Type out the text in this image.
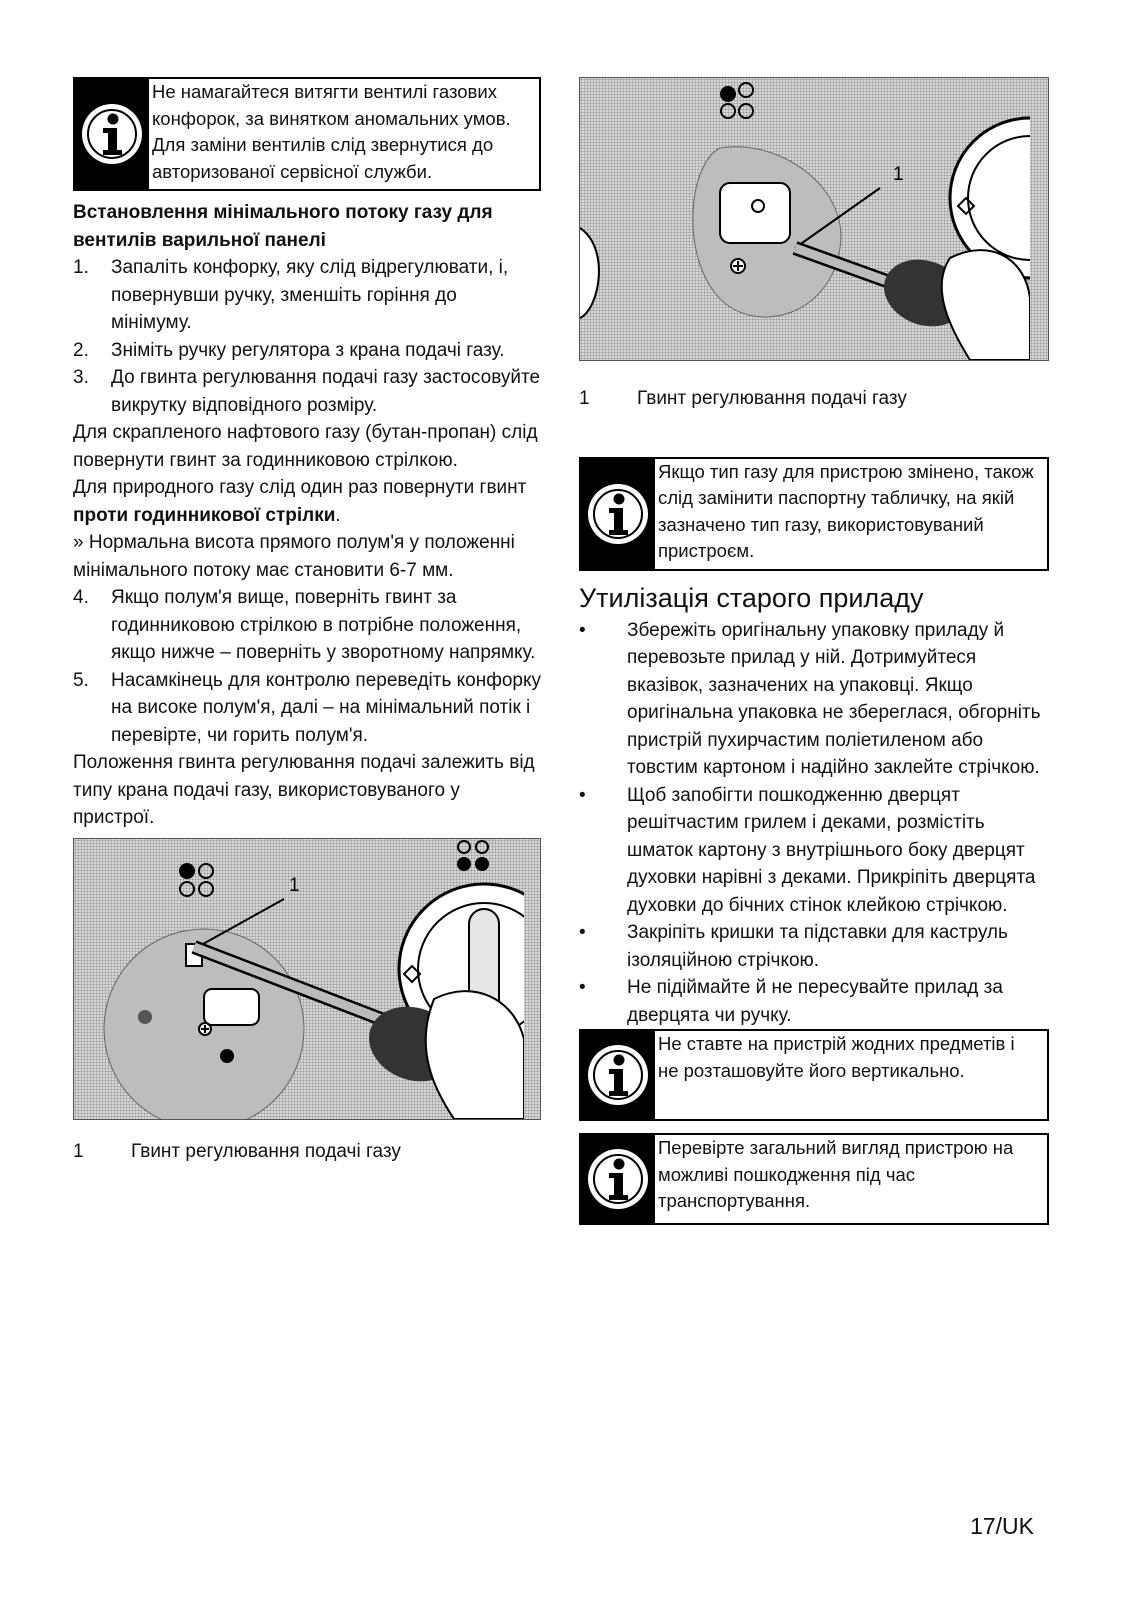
Не намагайтеся витягти вентилі газових конфорок, за винятком аномальних умов. Для заміни вентилів слід звернутися до авторизованої сервісної служби.
Встановлення мінімального потоку газу для вентилів варильної панелі
1. Запаліть конфорку, яку слід відрегулювати, і, повернувши ручку, зменшіть горіння до мінімуму.
2. Зніміть ручку регулятора з крана подачі газу.
3. До гвинта регулювання подачі газу застосовуйте викрутку відповідного розміру.

Для скрапленого нафтового газу (бутан-пропан) слід повернути гвинт за годинниковою стрілкою.

Для природного газу слід один раз повернути гвинт проти годинникової стрілки.

» Нормальна висота прямого полум'я у положенні мінімального потоку має становити 6-7 мм.

4. Якщо полум'я вище, поверніть гвинт за годинниковою стрілкою в потрібне положення, якщо нижче – поверніть у зворотному напрямку.
5. Насамкінець для контролю переведіть конфорку на високе полум'я, далі – на мінімальний потік і перевірте, чи горить полум'я.

Положення гвинта регулювання подачі залежить від типу крана подачі газу, використовуваного у пристрої.

1
1	Гвинт регулювання подачі газу
1
1	Гвинт регулювання подачі газу
Якщо тип газу для пристрою змінено, також слід замінити паспортну табличку, на якій зазначено тип газу, використовуваний пристроєм.
Утилізація старого приладу
• Збережіть оригінальну упаковку приладу й перевозьте прилад у ній. Дотримуйтеся вказівок, зазначених на упаковці. Якщо оригінальна упаковка не збереглася, обгорніть пристрій пухирчастим поліетиленом або товстим картоном і надійно заклейте стрічкою.
• Щоб запобігти пошкодженню дверцят решітчастим грилем і деками, розмістіть шматок картону з внутрішнього боку дверцят духовки нарівні з деками. Прикріпіть дверцята духовки до бічних стінок клейкою стрічкою.
• Закріпіть кришки та підставки для каструль ізоляційною стрічкою.
• Не підіймайте й не пересувайте прилад за дверцята чи ручку.
Не ставте на пристрій жодних предметів і не розташовуйте його вертикально.
Перевірте загальний вигляд пристрою на можливі пошкодження під час транспортування.
17/UK
